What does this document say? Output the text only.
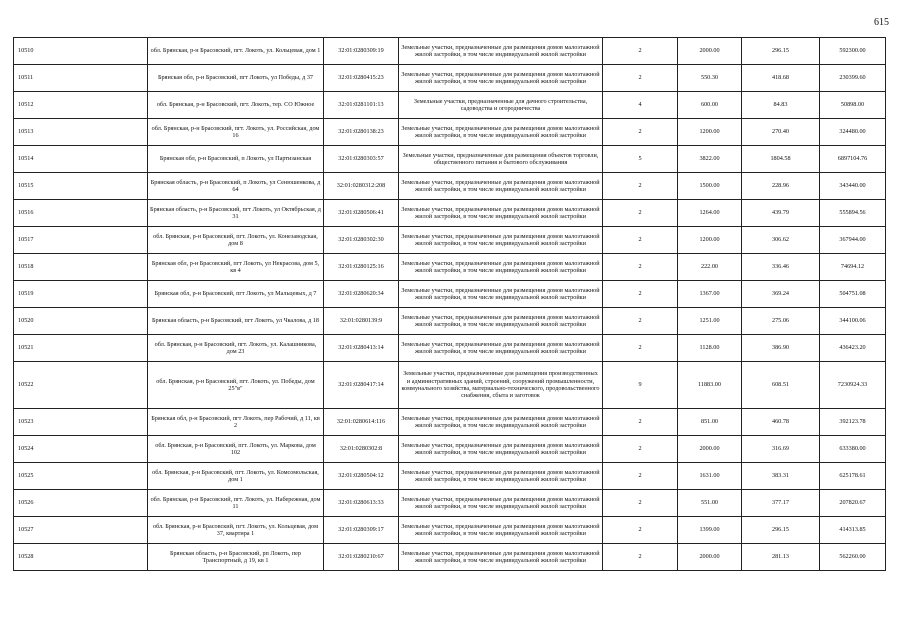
615
10510	обл. Брянская, р-н Брасовский, пгт. Локоть, ул. Кольцевая, дом 1	32:01:0280309:19	Земельные участки, предназначенные для размещения домов малоэтажной жилой застройки, в том числе индивидуальной жилой застройки	2	2000.00	296.15	592300.00
10511	Брянская обл, р-н Брасовский, пгт Локоть, ул Победы, д 37	32:01:0280415:23	Земельные участки, предназначенные для размещения домов малоэтажной жилой застройки, в том числе индивидуальной жилой застройки	2	550.30	418.68	230399.60
10512	обл. Брянская, р-н Брасовский, пгт. Локоть, тер. СО Южное	32:01:0281101:13	Земельные участки, предназначенные для дачного строительства, садоводства и огородничества	4	600.00	84.83	50898.00
10513	обл. Брянская, р-н Брасовский, пгт. Локоть, ул. Российская, дом 16	32:01:0280138:23	Земельные участки, предназначенные для размещения домов малоэтажной жилой застройки, в том числе индивидуальной жилой застройки	2	1200.00	270.40	324480.00
10514	Брянская обл, р-н Брасовский, п Локоть, ул Партизанская	32:01:0280303:57	Земельные участки, предназначенные для размещения объектов торговли, общественного питания и бытового обслуживания	5	3822.00	1804.58	6897104.76
10515	Брянская область, р-н Брасовский, п Локоть, ул Сенюшенкова, д 64	32:01:0280312:208	Земельные участки, предназначенные для размещения домов малоэтажной жилой застройки, в том числе индивидуальной жилой застройки	2	1500.00	228.96	343440.00
10516	Брянская область, р-н Брасовский, пгт Локоть, ул Октябрьская, д 31	32:01:0280506:41	Земельные участки, предназначенные для размещения домов малоэтажной жилой застройки, в том числе индивидуальной жилой застройки	2	1264.00	439.79	555894.56
10517	обл. Брянская, р-н Брасовский, пгт. Локоть, ул. Конезаводская, дом 8	32:01:0280302:30	Земельные участки, предназначенные для размещения домов малоэтажной жилой застройки, в том числе индивидуальной жилой застройки	2	1200.00	306.62	367944.00
10518	Брянская обл, р-н Брасовский, пгт Локоть, ул Некрасова, дом 5, кв 4	32:01:0280125:16	Земельные участки, предназначенные для размещения домов малоэтажной жилой застройки, в том числе индивидуальной жилой застройки	2	222.00	336.46	74694.12
10519	Брянская обл, р-н Брасовский, пгт Локоть, ул Мальцевых, д 7	32:01:0280620:34	Земельные участки, предназначенные для размещения домов малоэтажной жилой застройки, в том числе индивидуальной жилой застройки	2	1367.00	369.24	504751.08
10520	Брянская область, р-н Брасовский, пгт Локоть, ул Чкалова, д 18	32:01:0280139:9	Земельные участки, предназначенные для размещения домов малоэтажной жилой застройки, в том числе индивидуальной жилой застройки	2	1251.00	275.06	344100.06
10521	обл. Брянская, р-н Брасовский, пгт. Локоть, ул. Калашникова, дом 23	32:01:0280413:14	Земельные участки, предназначенные для размещения домов малоэтажной жилой застройки, в том числе индивидуальной жилой застройки	2	1128.00	386.90	436423.20
10522	обл. Брянская, р-н Брасовский, пгт. Локоть, ул. Победы, дом 25"в"	32:01:0280417:14	Земельные участки, предназначенные для размещения производственных и административных зданий, строений, сооружений промышленности, коммунального хозяйства, материально-технического, продовольственного снабжения, сбыта и заготовок	9	11883.00	608.51	7230924.33
10523	Брянская обл, р-н Брасовский, пгт Локоть, пер Рабочий, д 11, кв 2	32:01:0280614:116	Земельные участки, предназначенные для размещения домов малоэтажной жилой застройки, в том числе индивидуальной жилой застройки	2	851.00	460.78	392123.78
10524	обл. Брянская, р-н Брасовский, пгт. Локоть, ул. Маркова, дом 102	32:01:0280302:8	Земельные участки, предназначенные для размещения домов малоэтажной жилой застройки, в том числе индивидуальной жилой застройки	2	2000.00	316.69	633380.00
10525	обл. Брянская, р-н Брасовский, пгт. Локоть, ул. Комсомольская, дом 1	32:01:0280504:12	Земельные участки, предназначенные для размещения домов малоэтажной жилой застройки, в том числе индивидуальной жилой застройки	2	1631.00	383.31	625178.61
10526	обл. Брянская, р-н Брасовский, пгт. Локоть, ул. Набережная, дом 11	32:01:0280613:33	Земельные участки, предназначенные для размещения домов малоэтажной жилой застройки, в том числе индивидуальной жилой застройки	2	551.00	377.17	207820.67
10527	обл. Брянская, р-н Брасовский, пгт. Локоть, ул. Кольцевая, дом 37, квартира 1	32:01:0280309:17	Земельные участки, предназначенные для размещения домов малоэтажной жилой застройки, в том числе индивидуальной жилой застройки	2	1399.00	296.15	414313.85
10528	Брянская область, р-н Брасовский, рп Локоть, пер Транспортный, д 19, кв 1	32:01:0280210:67	Земельные участки, предназначенные для размещения домов малоэтажной жилой застройки, в том числе индивидуальной жилой застройки	2	2000.00	281.13	562260.00
